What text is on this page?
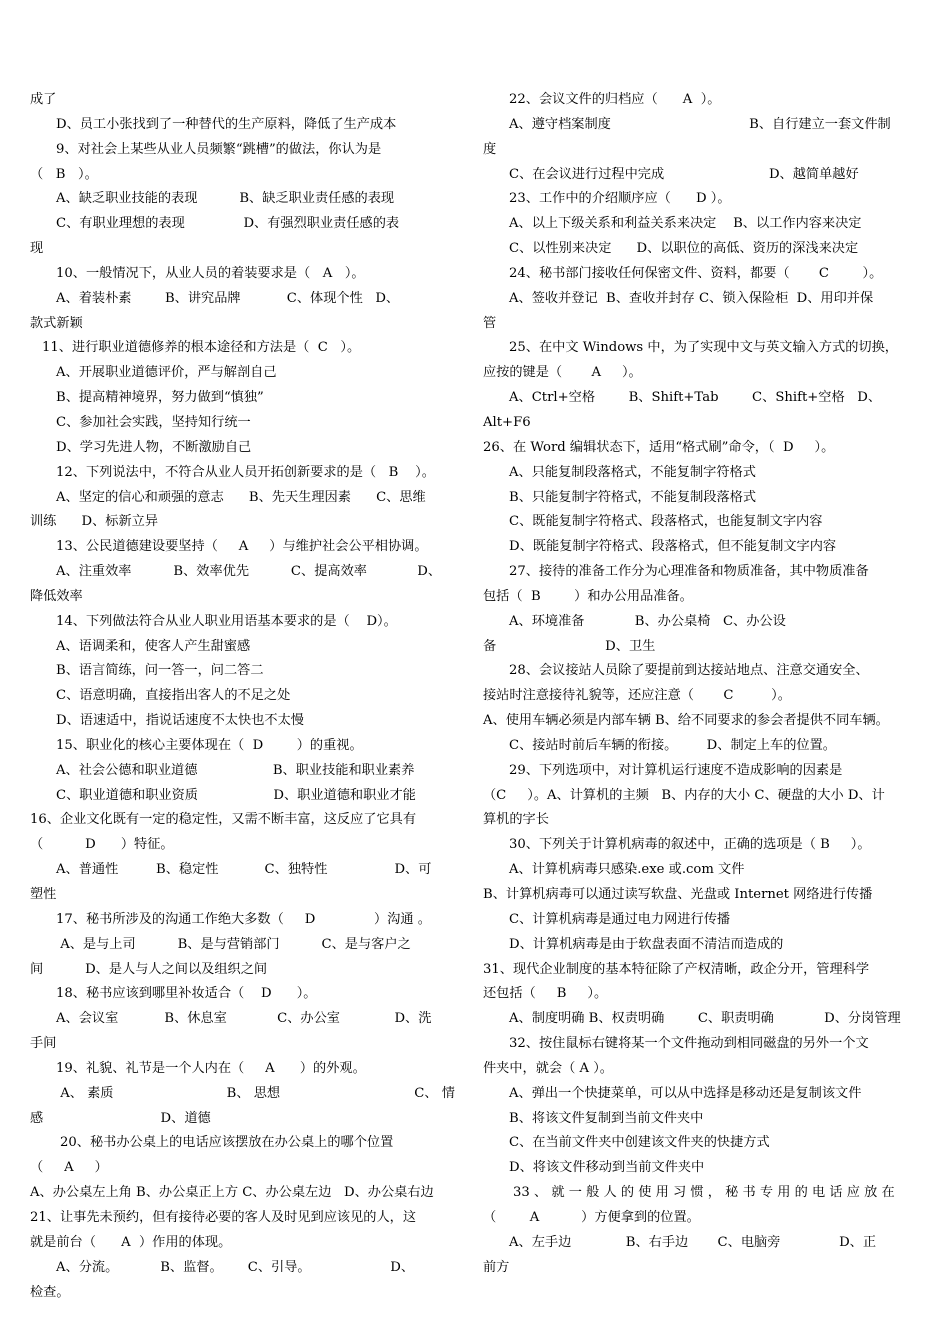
成了
D、员工小张找到了一种替代的生产原料，降低了生产成本
9、对社会上某些从业人员频繁“跳槽”的做法，你认为是
（   B   ）。
A、缺乏职业技能的表现          B、缺乏职业责任感的表现
C、有职业理想的表现              D、有强烈职业责任感的表
现
10、一般情况下，从业人员的着装要求是（   A   ）。
A、着装朴素        B、讲究品牌           C、体现个性   D、
款式新颖
11、进行职业道德修养的根本途径和方法是（  C   ）。
A、开展职业道德评价，严与解剖自己
B、提高精神境界，努力做到“慎独”
C、参加社会实践，坚持知行统一
D、学习先进人物，不断激励自己
12、下列说法中，不符合从业人员开拓创新要求的是（   B    ）。
A、坚定的信心和顽强的意志      B、先天生理因素      C、思维
训练      D、标新立异
13、公民道德建设要坚持（     A     ）与维护社会公平相协调。
A、注重效率          B、效率优先          C、提高效率            D、
降低效率
14、下列做法符合从业人职业用语基本要求的是（    D）。
A、语调柔和，使客人产生甜蜜感
B、语言简练，问一答一，问二答二
C、语意明确，直接指出客人的不足之处
D、语速适中，指说话速度不太快也不太慢
15、职业化的核心主要体现在（  D        ）的重视。
A、社会公德和职业道德                  B、职业技能和职业素养
C、职业道德和职业资质                  D、职业道德和职业才能
16、企业文化既有一定的稳定性，又需不断丰富，这反应了它具有
（          D      ）特征。
A、普通性         B、稳定性           C、独特性                D、可
塑性
17、秘书所涉及的沟通工作绝大多数（     D              ）沟通 。
A、是与上司          B、是与营销部门          C、是与客户之
间          D、是人与人之间以及组织之间
18、秘书应该到哪里补妆适合（    D      ）。
A、会议室           B、休息室            C、办公室             D、洗
手间
19、礼貌、礼节是一个人内在（     A      ）的外观。
A、 素质                           B、 思想                                C、 情
感                            D、道德
20、秘书办公桌上的电话应该摆放在办公桌上的哪个位置
（     A     ）
A、办公桌左上角 B、办公桌正上方 C、办公桌左边   D、办公桌右边
21、让事先未预约，但有接待必要的客人及时见到应该见的人，这
就是前台（      A  ）作用的体现。
A、分流。          B、监督。      C、引导。                   D、
检查。
22、会议文件的归档应（      A  ）。
A、遵守档案制度                                 B、自行建立一套文件制
度
C、在会议进行过程中完成                         D、越简单越好
23、工作中的介绍顺序应（      D ）。
A、以上下级关系和利益关系来决定    B、以工作内容来决定
C、以性别来决定      D、以职位的高低、资历的深浅来决定
24、秘书部门接收任何保密文件、资料，都要（       C        ）。
A、签收并登记  B、查收并封存 C、锁入保险柜  D、用印并保
管
25、在中文 Windows 中，为了实现中文与英文输入方式的切换，
应按的键是（       A     ）。
A、Ctrl+空格        B、Shift+Tab        C、Shift+空格   D、
Alt+F6
26、在 Word 编辑状态下，适用“格式刷”命令，（  D     ）。
A、只能复制段落格式，不能复制字符格式
B、只能复制字符格式，不能复制段落格式
C、既能复制字符格式、段落格式，也能复制文字内容
D、既能复制字符格式、段落格式，但不能复制文字内容
27、接待的准备工作分为心理准备和物质准备，其中物质准备
包括（  B        ）和办公用品准备。
A、环境准备            B、办公桌椅   C、办公设
备                          D、卫生
28、会议接站人员除了要提前到达接站地点、注意交通安全、
接站时注意接待礼貌等，还应注意（       C         ）。
A、使用车辆必须是内部车辆 B、给不同要求的参会者提供不同车辆。
C、接站时前后车辆的衔接。       D、制定上车的位置。
29、下列选项中，对计算机运行速度不造成影响的因素是
（C     ）。A、计算机的主频   B、内存的大小 C、硬盘的大小 D、计
算机的字长
30、下列关于计算机病毒的叙述中，正确的选项是（ B     ）。
A、计算机病毒只感染.exe 或.com 文件
B、计算机病毒可以通过读写软盘、光盘或 Internet 网络进行传播
C、计算机病毒是通过电力网进行传播
D、计算机病毒是由于软盘表面不清洁而造成的
31、现代企业制度的基本特征除了产权清晰，政企分开，管理科学
还包括（     B     ）。
A、制度明确 B、权责明确        C、职责明确            D、分岗管理
32、按住鼠标右键将某一个文件拖动到相同磁盘的另外一个文
件夹中，就会（ A ）。
A、弹出一个快捷菜单，可以从中选择是移动还是复制该文件
B、将该文件复制到当前文件夹中
C、在当前文件夹中创建该文件夹的快捷方式
D、将该文件移动到当前文件夹中
33 、 就 一 般 人 的 使 用 习 惯 ， 秘 书 专 用 的 电 话 应 放 在
（        A          ）方便拿到的位置。
A、左手边             B、右手边       C、电脑旁              D、正
前方
